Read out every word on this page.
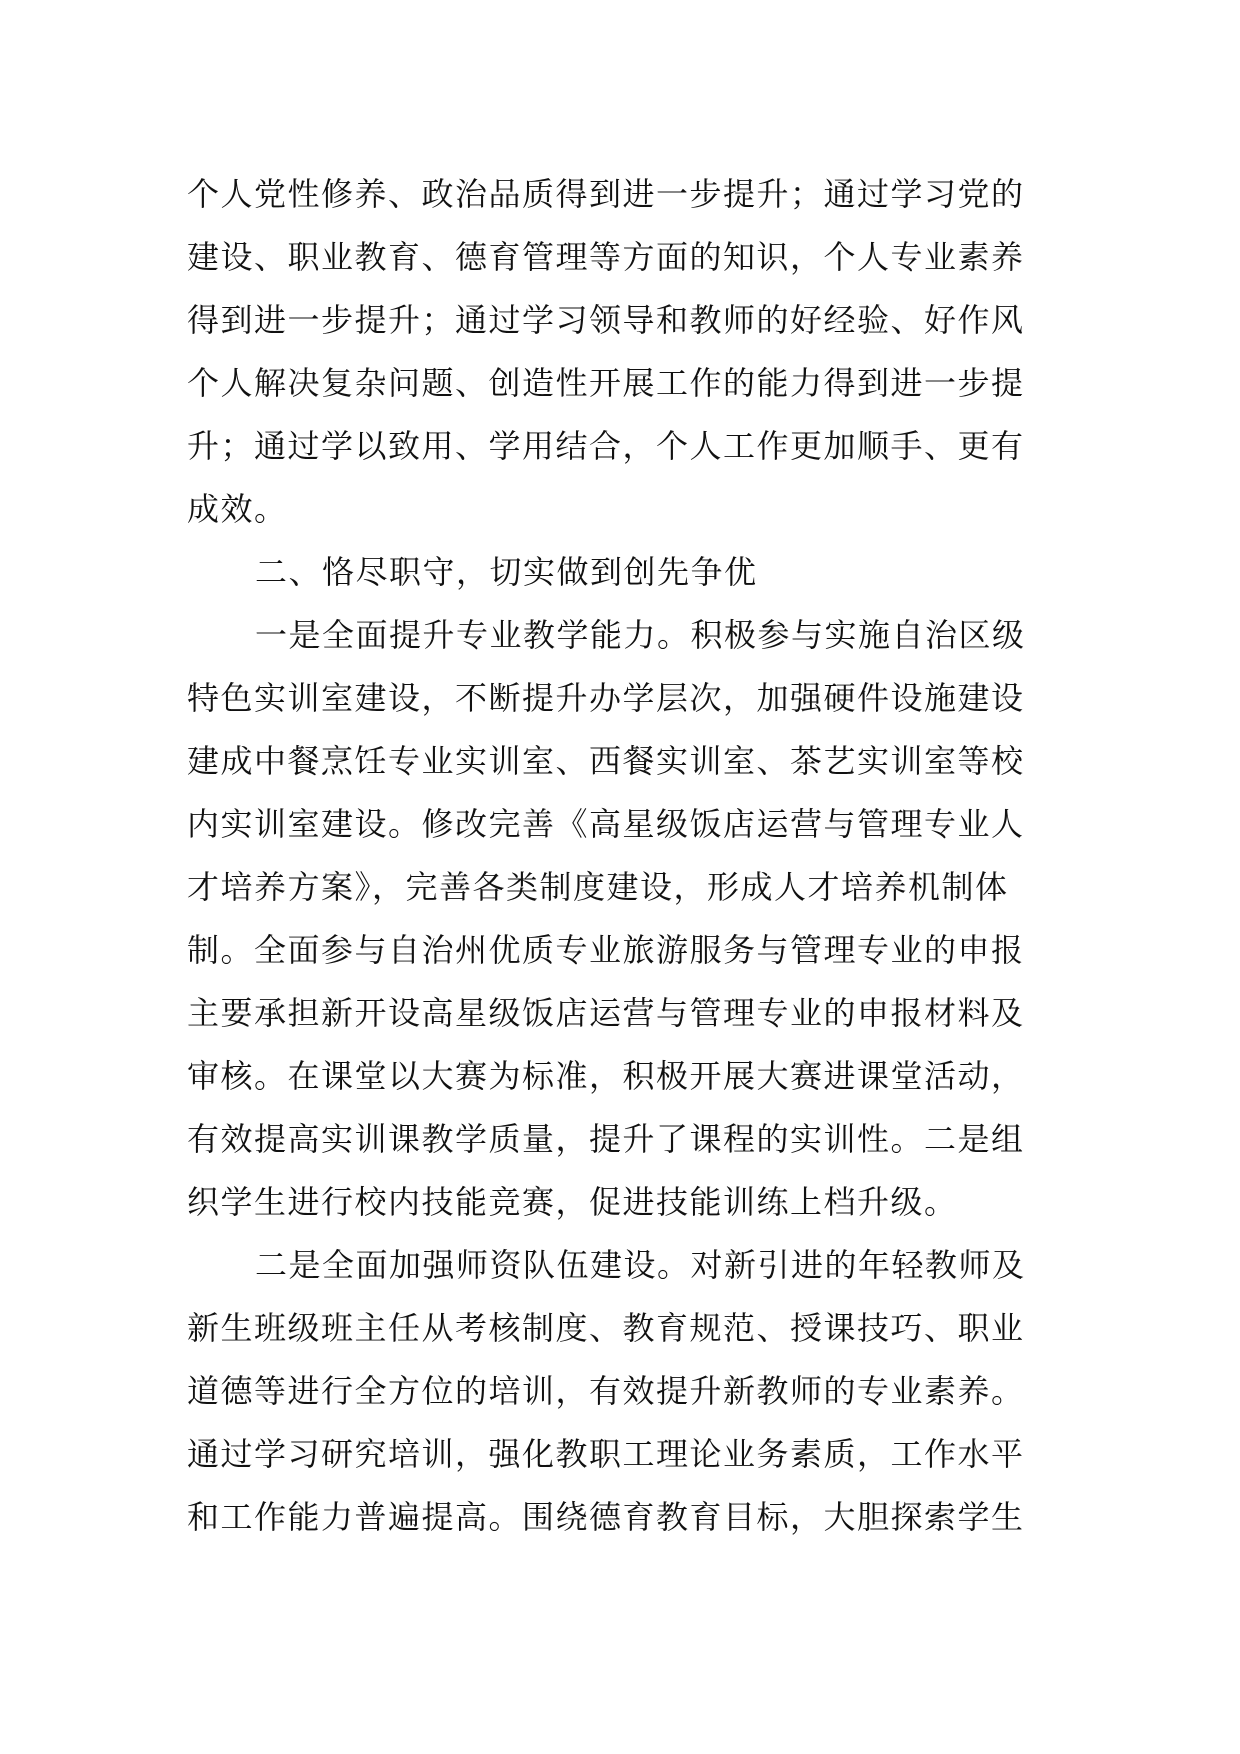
个人党性修养、政治品质得到进一步提升；通过学习党的
建设、职业教育、德育管理等方面的知识，个人专业素养
得到进一步提升；通过学习领导和教师的好经验、好作风
个人解决复杂问题、创造性开展工作的能力得到进一步提
升；通过学以致用、学用结合，个人工作更加顺手、更有
成效。
二、恪尽职守，切实做到创先争优
一是全面提升专业教学能力。积极参与实施自治区级
特色实训室建设，不断提升办学层次，加强硬件设施建设
建成中餐烹饪专业实训室、西餐实训室、茶艺实训室等校
内实训室建设。修改完善《高星级饭店运营与管理专业人
才培养方案》，完善各类制度建设，形成人才培养机制体
制。全面参与自治州优质专业旅游服务与管理专业的申报
主要承担新开设高星级饭店运营与管理专业的申报材料及
审核。在课堂以大赛为标准，积极开展大赛进课堂活动，
有效提高实训课教学质量，提升了课程的实训性。二是组
织学生进行校内技能竞赛，促进技能训练上档升级。
二是全面加强师资队伍建设。对新引进的年轻教师及
新生班级班主任从考核制度、教育规范、授课技巧、职业
道德等进行全方位的培训，有效提升新教师的专业素养。
通过学习研究培训，强化教职工理论业务素质，工作水平
和工作能力普遍提高。围绕德育教育目标，大胆探索学生
